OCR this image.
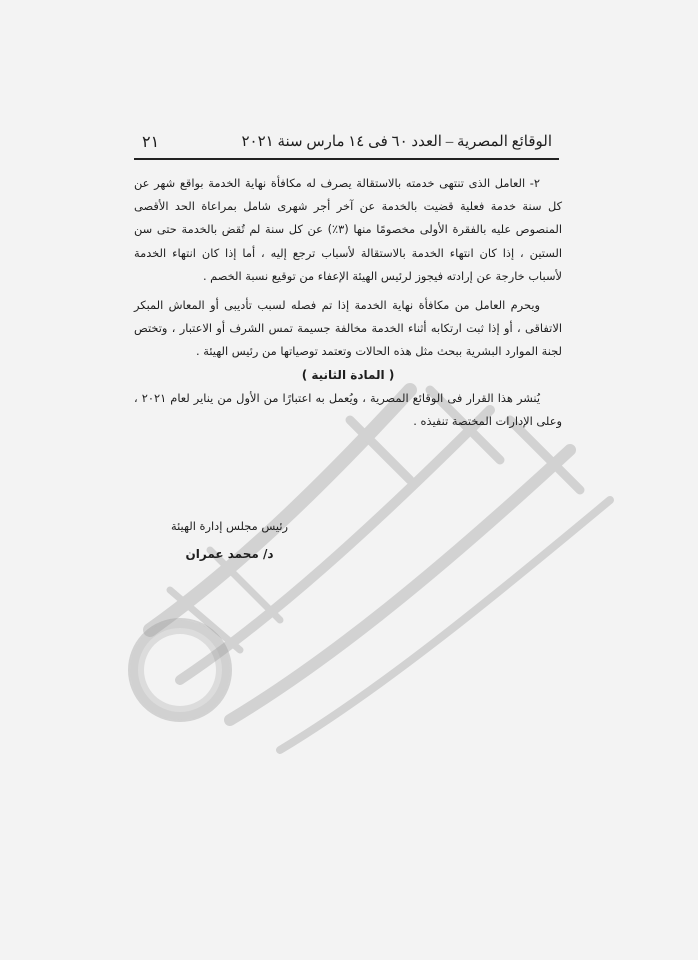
الوقائع المصرية – العدد ٦٠ فى ١٤ مارس سنة ٢٠٢١
٢١

٢- العامل الذى تنتهى خدمته بالاستقالة يصرف له مكافأة نهاية الخدمة بواقع شهر عن كل سنة خدمة فعلية قضيت بالخدمة عن آخر أجر شهرى شامل بمراعاة الحد الأقصى المنصوص عليه بالفقرة الأولى مخصومًا منها (٣٪) عن كل سنة لم تُقض بالخدمة حتى سن الستين ، إذا كان انتهاء الخدمة بالاستقالة لأسباب ترجع إليه ، أما إذا كان انتهاء الخدمة لأسباب خارجة عن إرادته فيجوز لرئيس الهيئة الإعفاء من توقيع نسبة الخصم .

ويحرم العامل من مكافأة نهاية الخدمة إذا تم فصله لسبب تأديبى أو المعاش المبكر الاتفاقى ، أو إذا ثبت ارتكابه أثناء الخدمة مخالفة جسيمة تمس الشرف أو الاعتبار ، وتختص لجنة الموارد البشرية ببحث مثل هذه الحالات وتعتمد توصياتها من رئيس الهيئة .

( المادة الثانية )

يُنشر هذا القرار فى الوقائع المصرية ، ويُعمل به اعتبارًا من الأول من يناير لعام ٢٠٢١ ، وعلى الإدارات المختصة تنفيذه .

رئيس مجلس إدارة الهيئة
د/ محمد عمران
